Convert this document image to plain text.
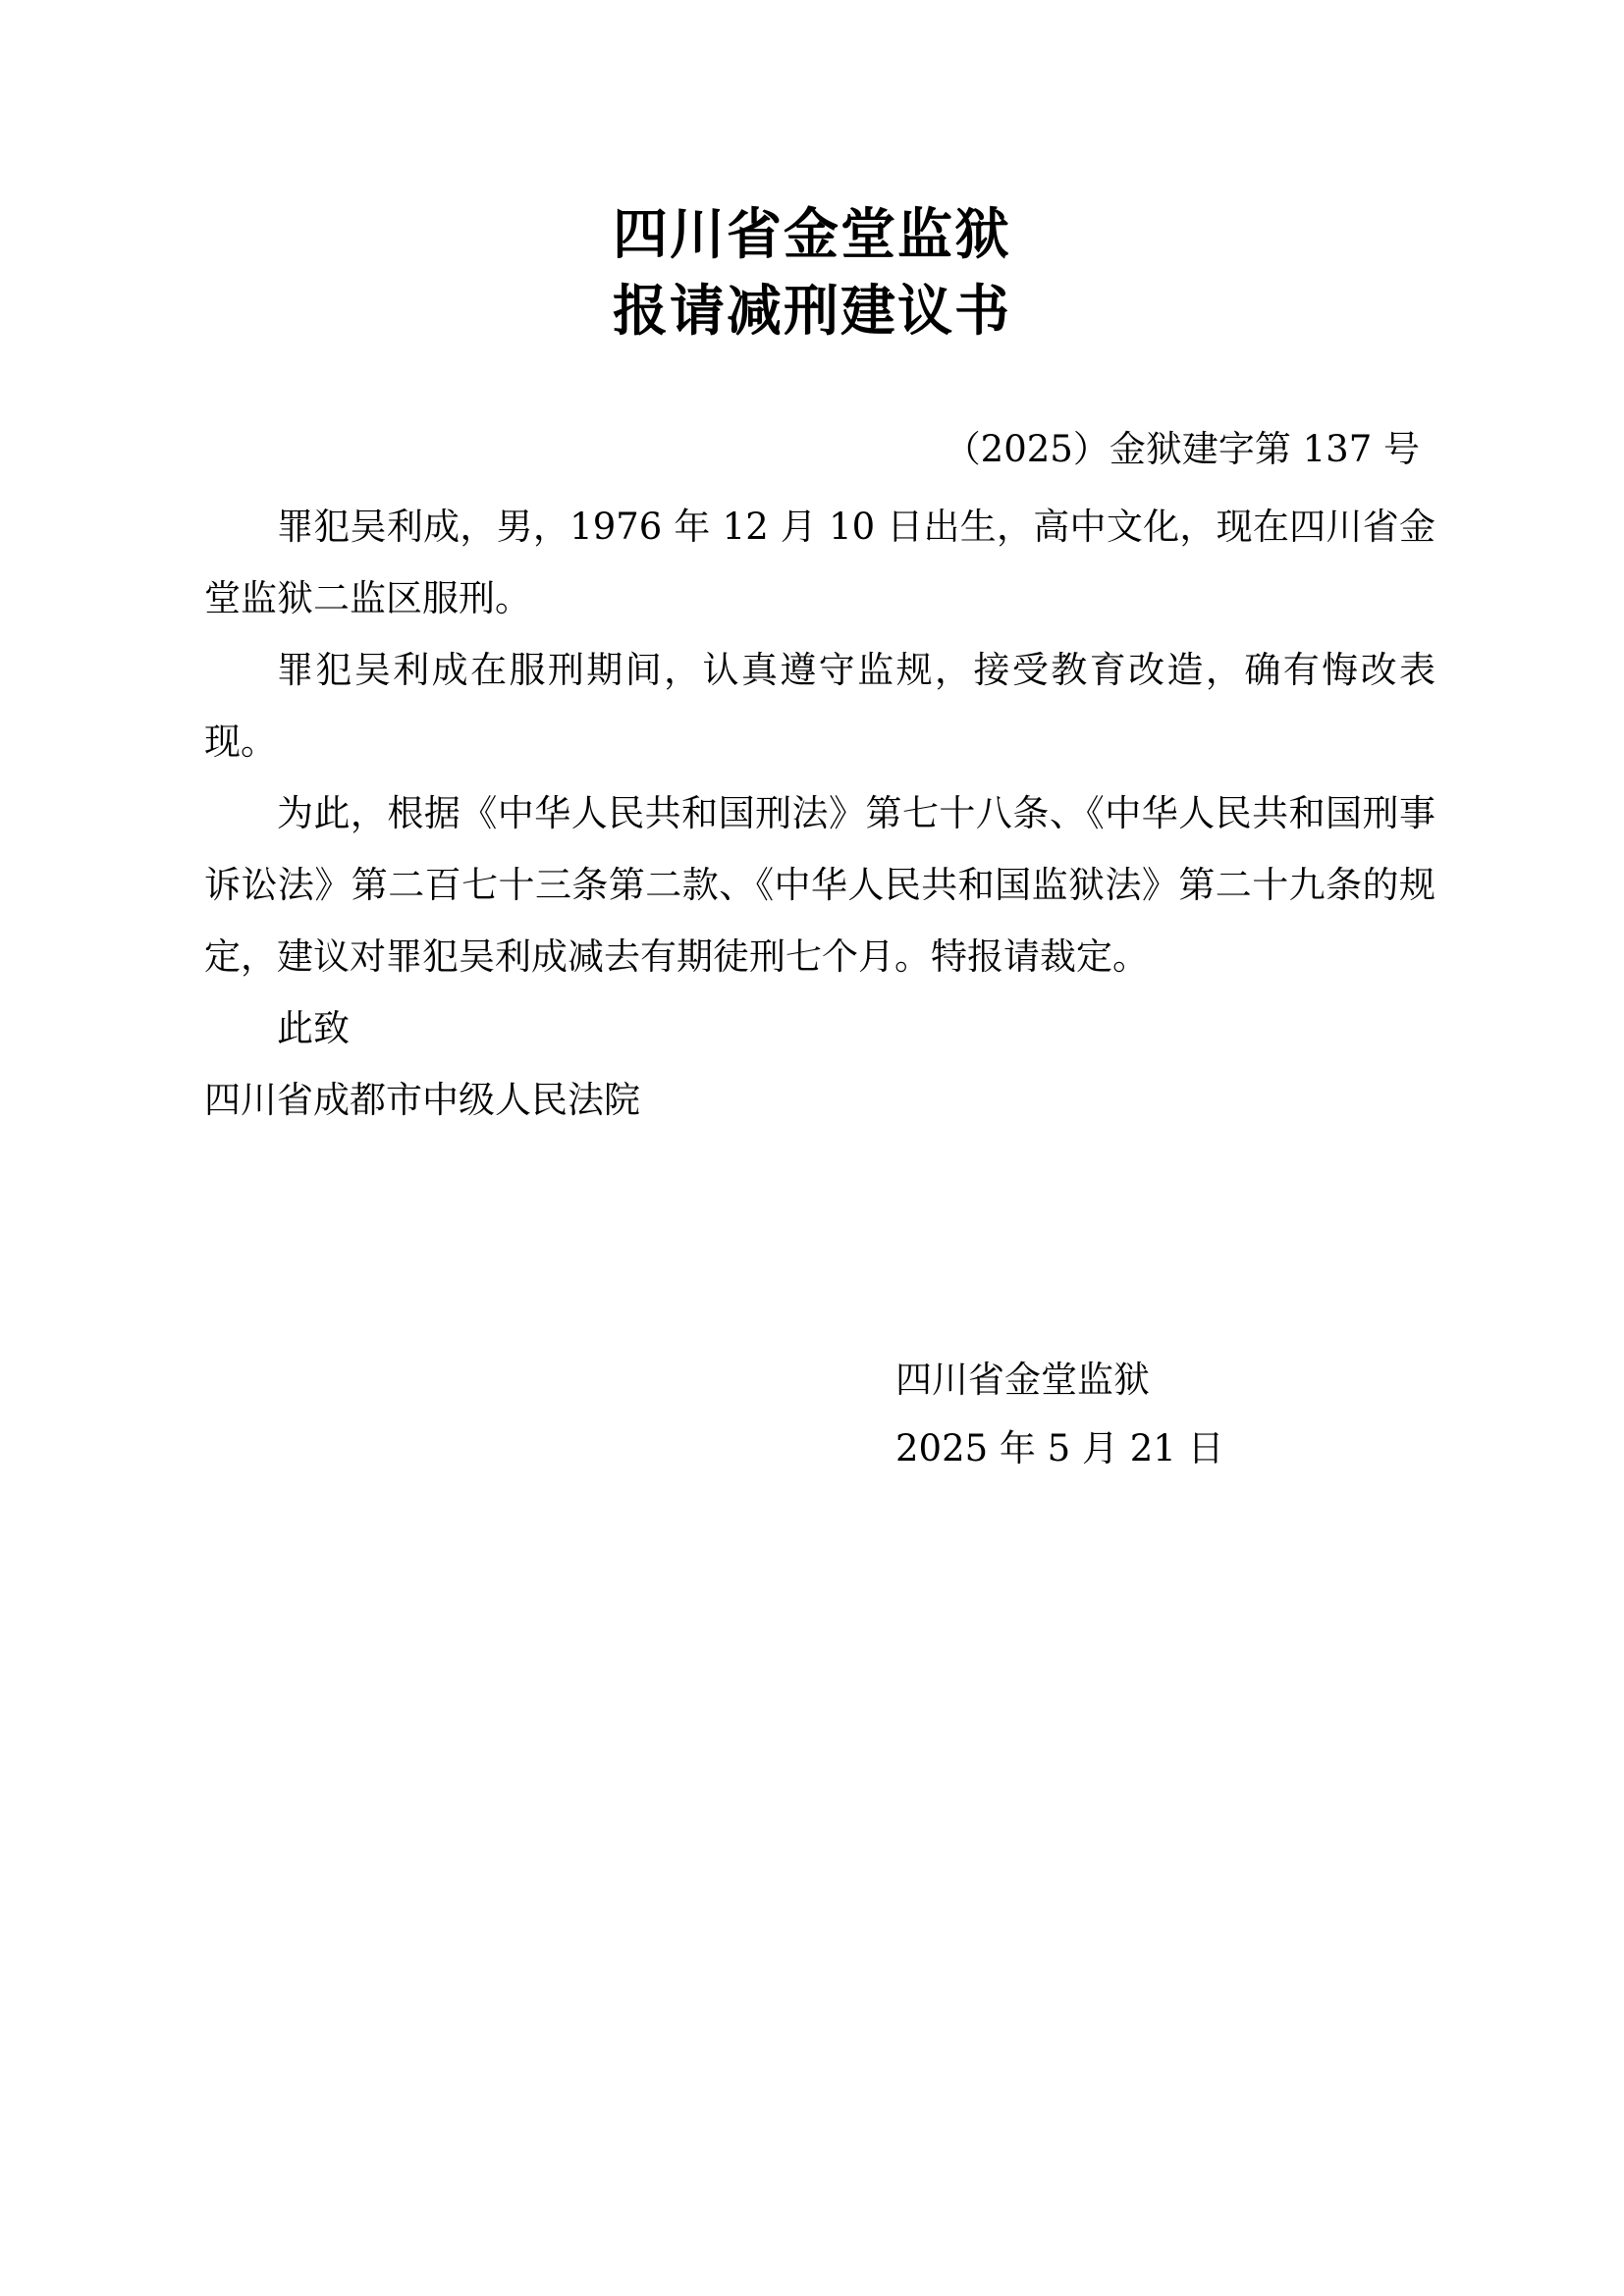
四川省金堂监狱
报请减刑建议书

（2025）金狱建字第 137 号

罪犯吴利成，男，1976 年 12 月 10 日出生，高中文化，现在四川省金堂监狱二监区服刑。

罪犯吴利成在服刑期间，认真遵守监规，接受教育改造，确有悔改表现。

为此，根据《中华人民共和国刑法》第七十八条、《中华人民共和国刑事诉讼法》第二百七十三条第二款、《中华人民共和国监狱法》第二十九条的规定，建议对罪犯吴利成减去有期徒刑七个月。特报请裁定。

此致

四川省成都市中级人民法院

四川省金堂监狱

2025 年 5 月 21 日
